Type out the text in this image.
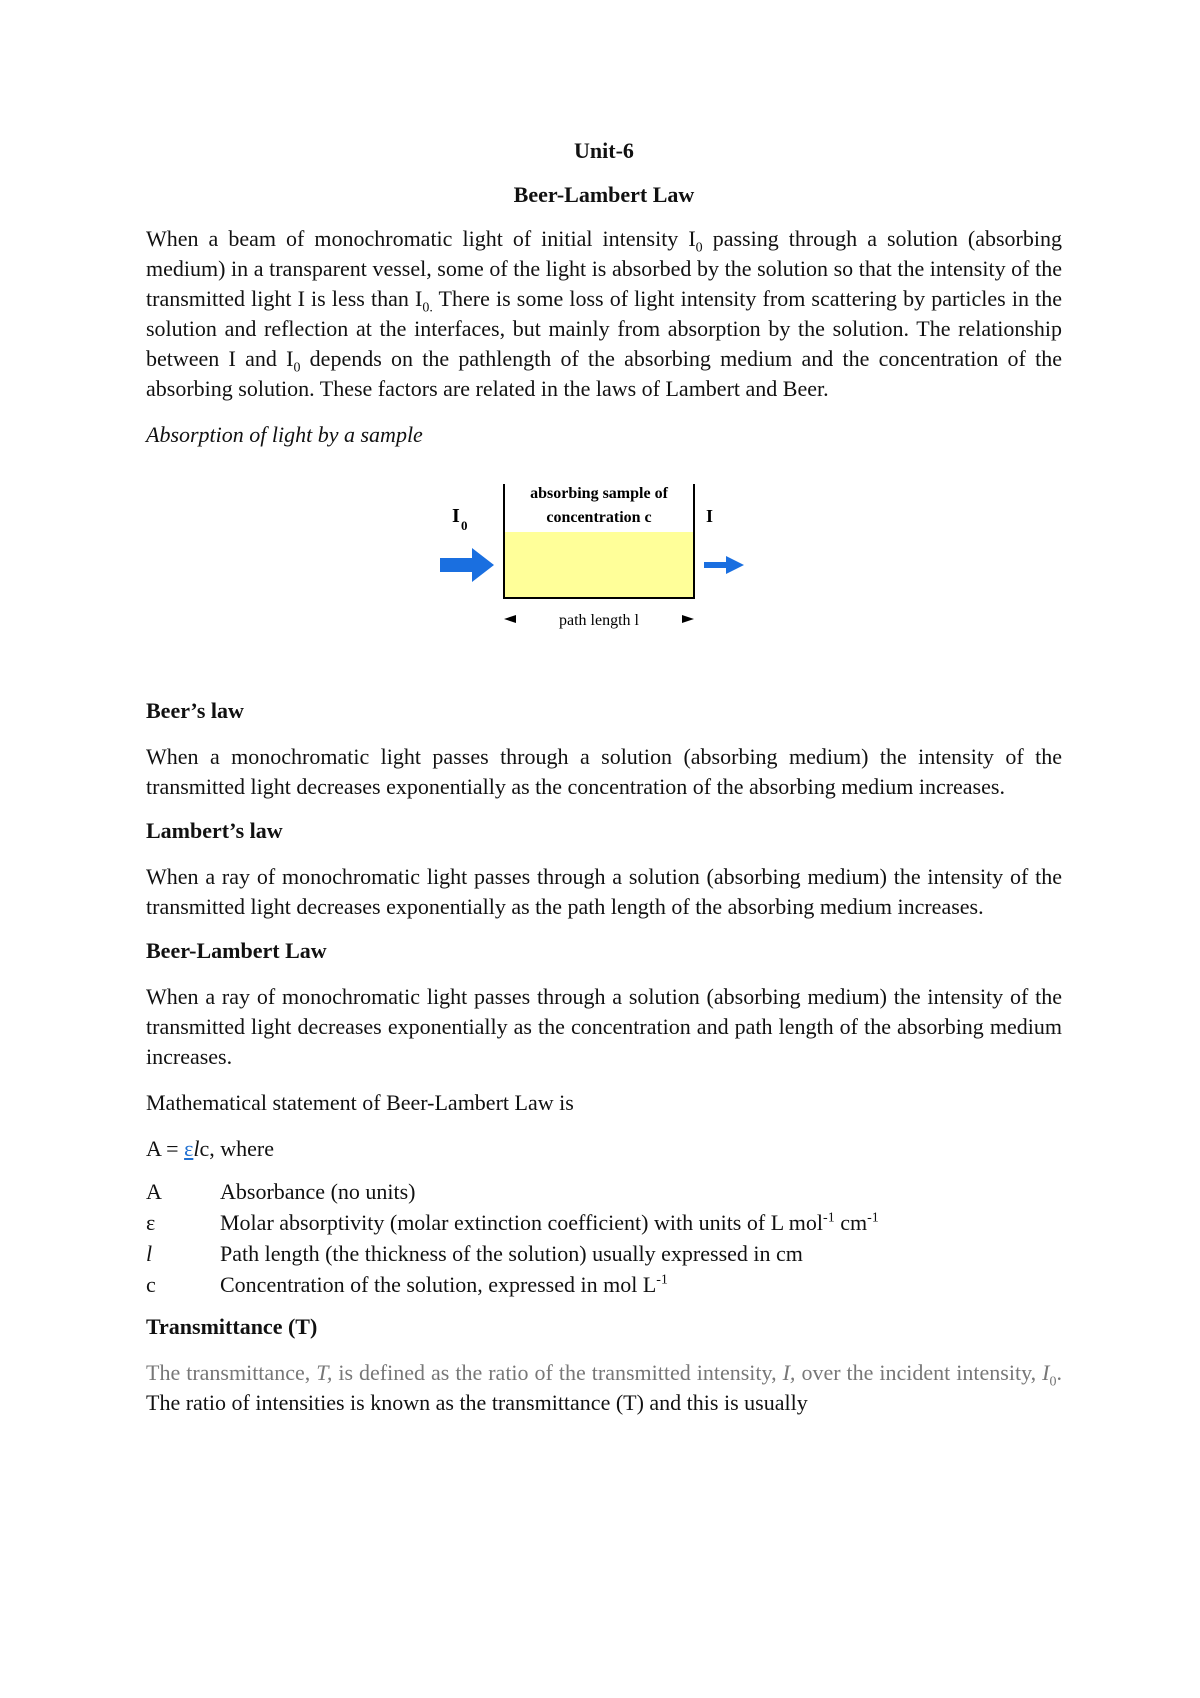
Unit-6

Beer-Lambert Law

When a beam of monochromatic light of initial intensity $I_0$ passing through a solution (absorbing medium) in a transparent vessel, some of the light is absorbed by the solution so that the intensity of the transmitted light I is less than $I_{0.}$ There is some loss of light intensity from scattering by particles in the solution and reflection at the interfaces, but mainly from absorption by the solution. The relationship between I and $I_0$ depends on the pathlength of the absorbing medium and the concentration of the absorbing solution. These factors are related in the laws of Lambert and Beer.

Absorption of light by a sample

absorbing sample of
concentration c
I 0	I
path length l

Beer’s law

When a monochromatic light passes through a solution (absorbing medium) the intensity of the transmitted light decreases exponentially as the concentration of the absorbing medium increases.

Lambert’s law

When a ray of monochromatic light passes through a solution (absorbing medium) the intensity of the transmitted light decreases exponentially as the path length of the absorbing medium increases.

Beer-Lambert Law

When a ray of monochromatic light passes through a solution (absorbing medium) the intensity of the transmitted light decreases exponentially as the concentration and path length of the absorbing medium increases.

Mathematical statement of Beer-Lambert Law is

A = εlc, where

A	Absorbance (no units)
ε	Molar absorptivity (molar extinction coefficient) with units of L mol$^{-1}$ $cm^{-1}$
l	Path length (the thickness of the solution) usually expressed in cm
c	Concentration of the solution, expressed in mol $L^{-1}$

Transmittance (T)

The transmittance, T, is defined as the ratio of the transmitted intensity, I, over the incident intensity, $I_0$. The ratio of intensities is known as the transmittance (T) and this is usually
